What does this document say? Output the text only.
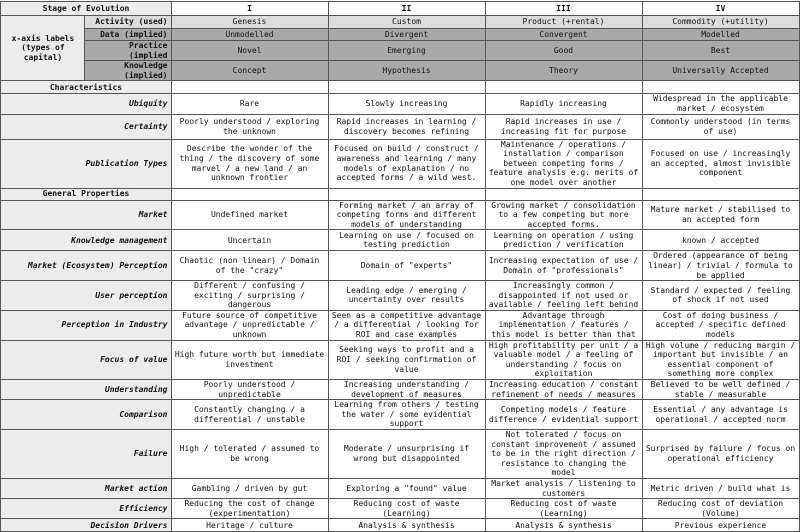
Stage of Evolution		I	II	III	IV

x-axis labels
(types of capital)	Activity (used)	Genesis	Custom	Product (+rental)	Commodity (+utility)
	Data (implied)	Unmodelled	Divergent	Convergent	Modelled
	Practice (implied	Novel	Emerging	Good	Best
	Knowledge (implied)	Concept	Hypothesis	Theory	Universally Accepted
Characteristics					
Ubiquity		Rare	Slowly increasing	Rapidly increasing	Widespread in the applicable market / ecosystem
Certainty		Poorly understood / exploring the unknown	Rapid increases in learning / discovery becomes refining	Rapid increases in use / increasing fit for purpose	Commonly understood (in terms of use)
Publication Types		Describe the wonder of the thing / the discovery of some marvel / a new land / an unknown frontier	Focused on build / construct / awareness and learning / many models of explanation / no accepted forms / a wild west.	Maintenance / operations / installation / comparison between competing forms / feature analysis e.g. merits of one model over another	Focused on use / increasingly an accepted, almost invisible component
General Properties					
Market		Undefined market	Forming market / an array of competing forms and different models of understanding	Growing market / consolidation to a few competing but more accepted forms.	Mature market / stabilised to an accepted form
Knowledge management		Uncertain	Learning on use / focused on testing prediction	Learning on operation / using prediction / verification	known / accepted
Market (Ecosystem) Perception		Chaotic (non linear) / Domain of the "crazy"	Domain of "experts"	Increasing expectation of use / Domain of "professionals"	Ordered (appearance of being linear) / trivial / formula to be applied
User perception		Different / confusing / exciting / surprising / dangerous	Leading edge / emerging / uncertainty over results	Increasingly common / disappointed if not used or available / feeling left behind	Standard / expected / feeling of shock if not used
Perception in Industry		Future source of competitive advantage / unpredictable / unknown	Seen as a competitive advantage / a differential / looking for ROI and case examples	Advantage through implementation / features / this model is better than that	Cost of doing business / accepted / specific defined models
Focus of value		High future worth but immediate investment	Seeking ways to profit and a ROI / seeking confirmation of value	High profitability per unit / a valuable model / a feeling of understanding / focus on exploitation	High volume / reducing margin / important but invisible / an essential component of something more complex
Understanding		Poorly understood / unpredictable	Increasing understanding / development of measures	Increasing education / constant refinement of needs / measures	Believed to be well defined / stable / measurable
Comparison		Constantly changing / a differential / unstable	Learning from others / testing the water / some evidential support	Competing models / feature difference / evidential support	Essential / any advantage is operational / accepted norm
Failure		High / tolerated / assumed to be wrong	Moderate / unsurprising if wrong but disappointed	Not tolerated / focus on constant improvement / assumed to be in the right direction / resistance to changing the model	Surprised by failure / focus on operational efficiency
Market action		Gambling / driven by gut	Exploring a "found" value	Market analysis / listening to customers	Metric driven / build what is
Efficiency		Reducing the cost of change (experimentation)	Reducing cost of waste (Learning)	Reducing cost of waste (Learning)	Reducing cost of deviation (Volume)
Decision Drivers		Heritage / culture	Analysis & synthesis	Analysis & synthesis	Previous experience
